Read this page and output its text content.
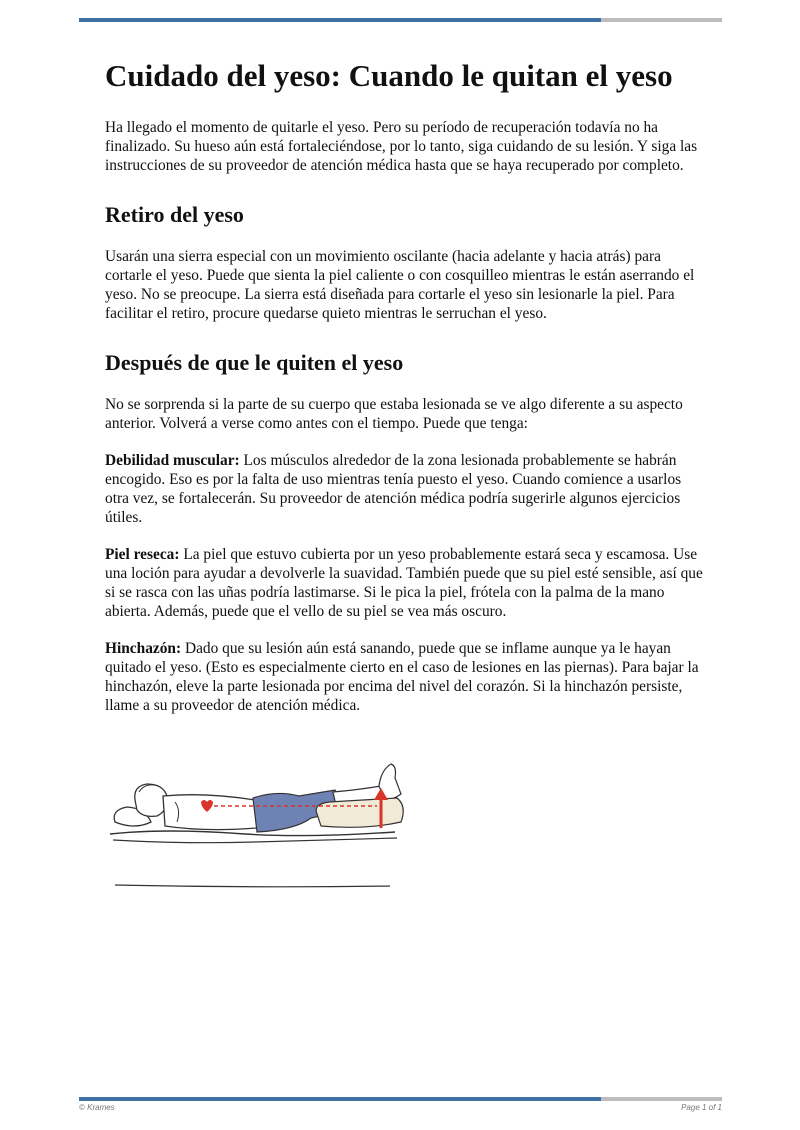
Cuidado del yeso: Cuando le quitan el yeso

Ha llegado el momento de quitarle el yeso. Pero su período de recuperación todavía no ha finalizado. Su hueso aún está fortaleciéndose, por lo tanto, siga cuidando de su lesión. Y siga las instrucciones de su proveedor de atención médica hasta que se haya recuperado por completo.

Retiro del yeso

Usarán una sierra especial con un movimiento oscilante (hacia adelante y hacia atrás) para cortarle el yeso. Puede que sienta la piel caliente o con cosquilleo mientras le están aserrando el yeso. No se preocupe. La sierra está diseñada para cortarle el yeso sin lesionarle la piel. Para facilitar el retiro, procure quedarse quieto mientras le serruchan el yeso.

Después de que le quiten el yeso

No se sorprenda si la parte de su cuerpo que estaba lesionada se ve algo diferente a su aspecto anterior. Volverá a verse como antes con el tiempo. Puede que tenga:

Debilidad muscular: Los músculos alrededor de la zona lesionada probablemente se habrán encogido. Eso es por la falta de uso mientras tenía puesto el yeso. Cuando comience a usarlos otra vez, se fortalecerán. Su proveedor de atención médica podría sugerirle algunos ejercicios útiles.

Piel reseca: La piel que estuvo cubierta por un yeso probablemente estará seca y escamosa. Use una loción para ayudar a devolverle la suavidad. También puede que su piel esté sensible, así que si se rasca con las uñas podría lastimarse. Si le pica la piel, frótela con la palma de la mano abierta. Además, puede que el vello de su piel se vea más oscuro.

Hinchazón: Dado que su lesión aún está sanando, puede que se inflame aunque ya le hayan quitado el yeso. (Esto es especialmente cierto en el caso de lesiones en las piernas). Para bajar la hinchazón, eleve la parte lesionada por encima del nivel del corazón. Si la hinchazón persiste, llame a su proveedor de atención médica.

© Krames	Page 1 of 1
